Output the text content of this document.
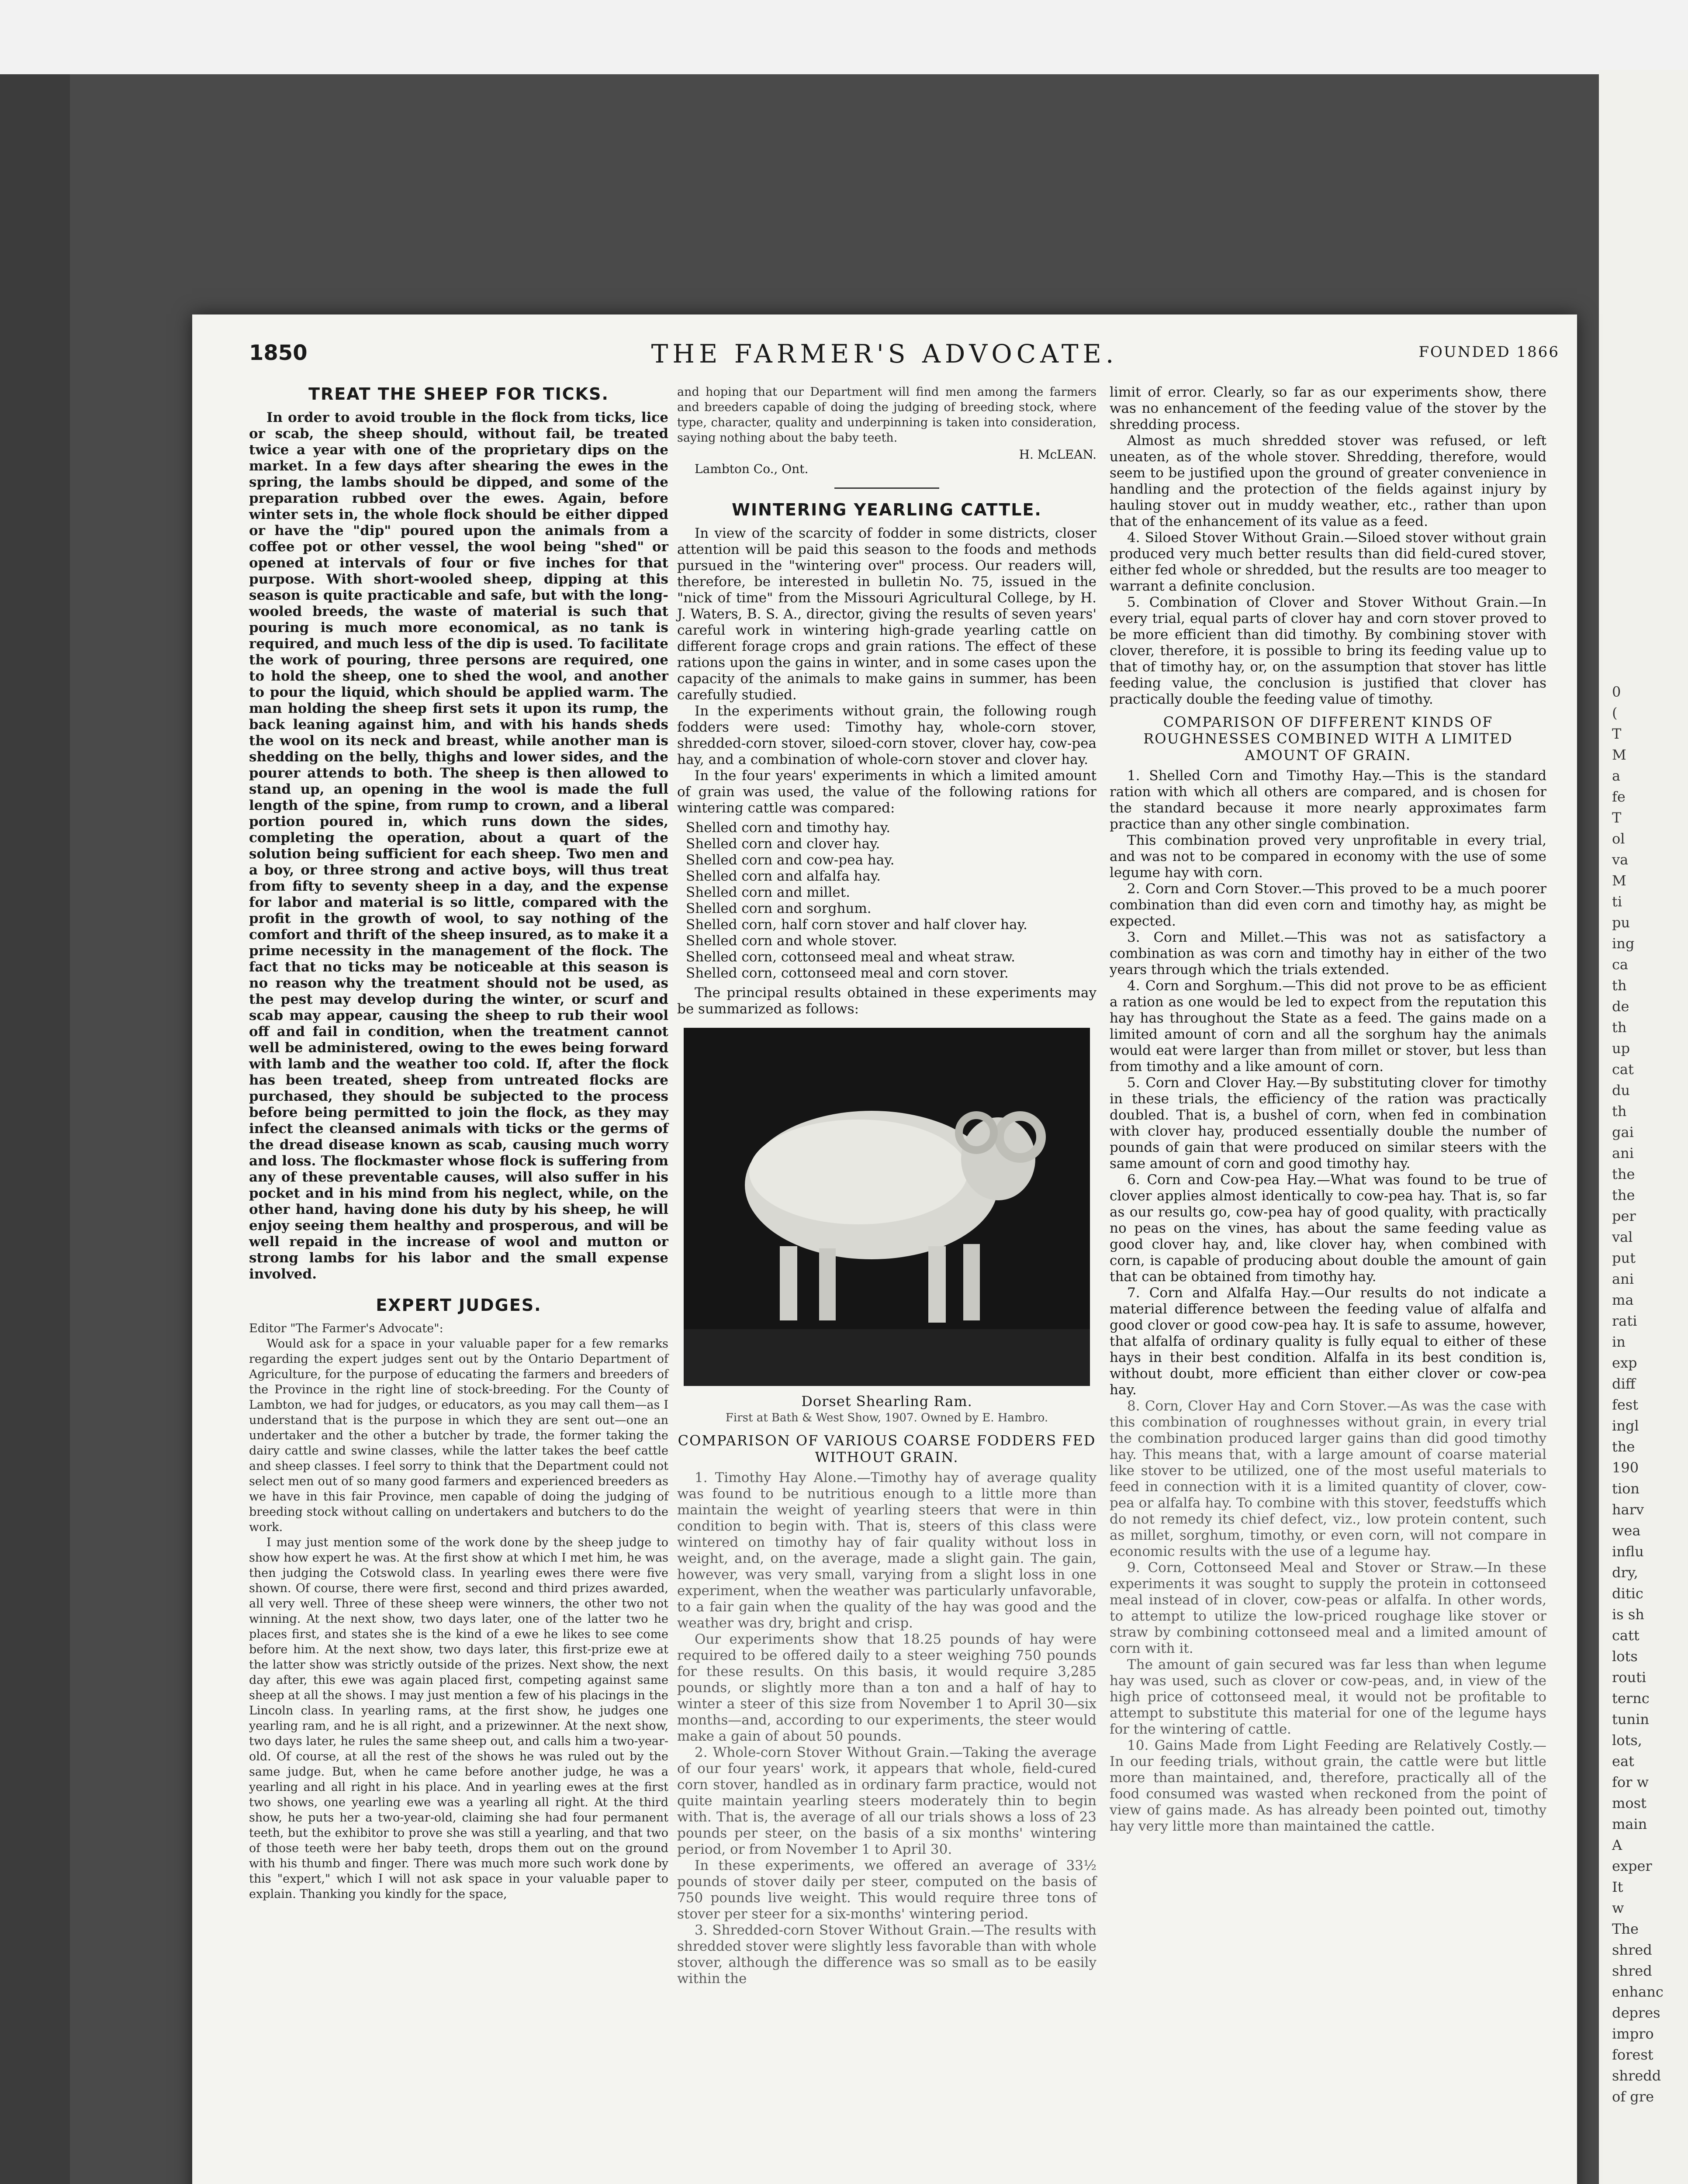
0
(
T
M
a
fe
T
ol
va
M
ti
pu
ing
ca
th
de
th
up
cat
du
th
gai
ani
the
the
per
val
put
ani
ma
rati
in
exp
diff
fest
ingl
the
190
tion
harv
wea
influ
dry,
ditic
is sh
catt
lots
routi
ternc
tunin
lots,
eat
for w
most
main
A
exper
It
w
The
shred
shred
enhanc
depres
impro
forest
shredd
of gre
1850	THE FARMER'S ADVOCATE.	FOUNDED 1866
TREAT THE SHEEP FOR TICKS.

In order to avoid trouble in the flock from ticks, lice or scab, the sheep should, without fail, be treated twice a year with one of the proprietary dips on the market. In a few days after shearing the ewes in the spring, the lambs should be dipped, and some of the preparation rubbed over the ewes. Again, before winter sets in, the whole flock should be either dipped or have the "dip" poured upon the animals from a coffee pot or other vessel, the wool being "shed" or opened at intervals of four or five inches for that purpose. With short-wooled sheep, dipping at this season is quite practicable and safe, but with the long-wooled breeds, the waste of material is such that pouring is much more economical, as no tank is required, and much less of the dip is used. To facilitate the work of pouring, three persons are required, one to hold the sheep, one to shed the wool, and another to pour the liquid, which should be applied warm. The man holding the sheep first sets it upon its rump, the back leaning against him, and with his hands sheds the wool on its neck and breast, while another man is shedding on the belly, thighs and lower sides, and the pourer attends to both. The sheep is then allowed to stand up, an opening in the wool is made the full length of the spine, from rump to crown, and a liberal portion poured in, which runs down the sides, completing the operation, about a quart of the solution being sufficient for each sheep. Two men and a boy, or three strong and active boys, will thus treat from fifty to seventy sheep in a day, and the expense for labor and material is so little, compared with the profit in the growth of wool, to say nothing of the comfort and thrift of the sheep insured, as to make it a prime necessity in the management of the flock. The fact that no ticks may be noticeable at this season is no reason why the treatment should not be used, as the pest may develop during the winter, or scurf and scab may appear, causing the sheep to rub their wool off and fail in condition, when the treatment cannot well be administered, owing to the ewes being forward with lamb and the weather too cold. If, after the flock has been treated, sheep from untreated flocks are purchased, they should be subjected to the process before being permitted to join the flock, as they may infect the cleansed animals with ticks or the germs of the dread disease known as scab, causing much worry and loss. The flockmaster whose flock is suffering from any of these preventable causes, will also suffer in his pocket and in his mind from his neglect, while, on the other hand, having done his duty by his sheep, he will enjoy seeing them healthy and prosperous, and will be well repaid in the increase of wool and mutton or strong lambs for his labor and the small expense involved.

EXPERT JUDGES.

Editor "The Farmer's Advocate":

Would ask for a space in your valuable paper for a few remarks regarding the expert judges sent out by the Ontario Department of Agriculture, for the purpose of educating the farmers and breeders of the Province in the right line of stock-breeding. For the County of Lambton, we had for judges, or educators, as you may call them—as I understand that is the purpose in which they are sent out—one an undertaker and the other a butcher by trade, the former taking the dairy cattle and swine classes, while the latter takes the beef cattle and sheep classes. I feel sorry to think that the Department could not select men out of so many good farmers and experienced breeders as we have in this fair Province, men capable of doing the judging of breeding stock without calling on undertakers and butchers to do the work.

I may just mention some of the work done by the sheep judge to show how expert he was. At the first show at which I met him, he was then judging the Cotswold class. In yearling ewes there were five shown. Of course, there were first, second and third prizes awarded, all very well. Three of these sheep were winners, the other two not winning. At the next show, two days later, one of the latter two he places first, and states she is the kind of a ewe he likes to see come before him. At the next show, two days later, this first-prize ewe at the latter show was strictly outside of the prizes. Next show, the next day after, this ewe was again placed first, competing against same sheep at all the shows. I may just mention a few of his placings in the Lincoln class. In yearling rams, at the first show, he judges one yearling ram, and he is all right, and a prizewinner. At the next show, two days later, he rules the same sheep out, and calls him a two-year-old. Of course, at all the rest of the shows he was ruled out by the same judge. But, when he came before another judge, he was a yearling and all right in his place. And in yearling ewes at the first two shows, one yearling ewe was a yearling all right. At the third show, he puts her a two-year-old, claiming she had four permanent teeth, but the exhibitor to prove she was still a yearling, and that two of those teeth were her baby teeth, drops them out on the ground with his thumb and finger. There was much more such work done by this "expert," which I will not ask space in your valuable paper to explain. Thanking you kindly for the space,

and hoping that our Department will find men among the farmers and breeders capable of doing the judging of breeding stock, where type, character, quality and underpinning is taken into consideration, saying nothing about the baby teeth.

H. McLEAN.
Lambton Co., Ont.
WINTERING YEARLING CATTLE.

In view of the scarcity of fodder in some districts, closer attention will be paid this season to the foods and methods pursued in the "wintering over" process. Our readers will, therefore, be interested in bulletin No. 75, issued in the "nick of time" from the Missouri Agricultural College, by H. J. Waters, B. S. A., director, giving the results of seven years' careful work in wintering high-grade yearling cattle on different forage crops and grain rations. The effect of these rations upon the gains in winter, and in some cases upon the capacity of the animals to make gains in summer, has been carefully studied.

In the experiments without grain, the following rough fodders were used: Timothy hay, whole-corn stover, shredded-corn stover, siloed-corn stover, clover hay, cow-pea hay, and a combination of whole-corn stover and clover hay.

In the four years' experiments in which a limited amount of grain was used, the value of the following rations for wintering cattle was compared:

Shelled corn and timothy hay.
Shelled corn and clover hay.
Shelled corn and cow-pea hay.
Shelled corn and alfalfa hay.
Shelled corn and millet.
Shelled corn and sorghum.
Shelled corn, half corn stover and half clover hay.
Shelled corn and whole stover.
Shelled corn, cottonseed meal and wheat straw.
Shelled corn, cottonseed meal and corn stover.

The principal results obtained in these experiments may be summarized as follows:

Dorset Shearling Ram.
First at Bath & West Show, 1907. Owned by E. Hambro.
COMPARISON OF VARIOUS COARSE FODDERS FED WITHOUT GRAIN.

1. Timothy Hay Alone.—Timothy hay of average quality was found to be nutritious enough to a little more than maintain the weight of yearling steers that were in thin condition to begin with. That is, steers of this class were wintered on timothy hay of fair quality without loss in weight, and, on the average, made a slight gain. The gain, however, was very small, varying from a slight loss in one experiment, when the weather was particularly unfavorable, to a fair gain when the quality of the hay was good and the weather was dry, bright and crisp.

Our experiments show that 18.25 pounds of hay were required to be offered daily to a steer weighing 750 pounds for these results. On this basis, it would require 3,285 pounds, or slightly more than a ton and a half of hay to winter a steer of this size from November 1 to April 30—six months—and, according to our experiments, the steer would make a gain of about 50 pounds.

2. Whole-corn Stover Without Grain.—Taking the average of our four years' work, it appears that whole, field-cured corn stover, handled as in ordinary farm practice, would not quite maintain yearling steers moderately thin to begin with. That is, the average of all our trials shows a loss of 23 pounds per steer, on the basis of a six months' wintering period, or from November 1 to April 30.

In these experiments, we offered an average of 33½ pounds of stover daily per steer, computed on the basis of 750 pounds live weight. This would require three tons of stover per steer for a six-months' wintering period.

3. Shredded-corn Stover Without Grain.—The results with shredded stover were slightly less favorable than with whole stover, although the difference was so small as to be easily within the

limit of error. Clearly, so far as our experiments show, there was no enhancement of the feeding value of the stover by the shredding process.

Almost as much shredded stover was refused, or left uneaten, as of the whole stover. Shredding, therefore, would seem to be justified upon the ground of greater convenience in handling and the protection of the fields against injury by hauling stover out in muddy weather, etc., rather than upon that of the enhancement of its value as a feed.

4. Siloed Stover Without Grain.—Siloed stover without grain produced very much better results than did field-cured stover, either fed whole or shredded, but the results are too meager to warrant a definite conclusion.

5. Combination of Clover and Stover Without Grain.—In every trial, equal parts of clover hay and corn stover proved to be more efficient than did timothy. By combining stover with clover, therefore, it is possible to bring its feeding value up to that of timothy hay, or, on the assumption that stover has little feeding value, the conclusion is justified that clover has practically double the feeding value of timothy.

COMPARISON OF DIFFERENT KINDS OF ROUGHNESSES COMBINED WITH A LIMITED AMOUNT OF GRAIN.

1. Shelled Corn and Timothy Hay.—This is the standard ration with which all others are compared, and is chosen for the standard because it more nearly approximates farm practice than any other single combination.

This combination proved very unprofitable in every trial, and was not to be compared in economy with the use of some legume hay with corn.

2. Corn and Corn Stover.—This proved to be a much poorer combination than did even corn and timothy hay, as might be expected.

3. Corn and Millet.—This was not as satisfactory a combination as was corn and timothy hay in either of the two years through which the trials extended.

4. Corn and Sorghum.—This did not prove to be as efficient a ration as one would be led to expect from the reputation this hay has throughout the State as a feed. The gains made on a limited amount of corn and all the sorghum hay the animals would eat were larger than from millet or stover, but less than from timothy and a like amount of corn.

5. Corn and Clover Hay.—By substituting clover for timothy in these trials, the efficiency of the ration was practically doubled. That is, a bushel of corn, when fed in combination with clover hay, produced essentially double the number of pounds of gain that were produced on similar steers with the same amount of corn and good timothy hay.

6. Corn and Cow-pea Hay.—What was found to be true of clover applies almost identically to cow-pea hay. That is, so far as our results go, cow-pea hay of good quality, with practically no peas on the vines, has about the same feeding value as good clover hay, and, like clover hay, when combined with corn, is capable of producing about double the amount of gain that can be obtained from timothy hay.

7. Corn and Alfalfa Hay.—Our results do not indicate a material difference between the feeding value of alfalfa and good clover or good cow-pea hay. It is safe to assume, however, that alfalfa of ordinary quality is fully equal to either of these hays in their best condition. Alfalfa in its best condition is, without doubt, more efficient than either clover or cow-pea hay.

8. Corn, Clover Hay and Corn Stover.—As was the case with this combination of roughnesses without grain, in every trial the combination produced larger gains than did good timothy hay. This means that, with a large amount of coarse material like stover to be utilized, one of the most useful materials to feed in connection with it is a limited quantity of clover, cow-pea or alfalfa hay. To combine with this stover, feedstuffs which do not remedy its chief defect, viz., low protein content, such as millet, sorghum, timothy, or even corn, will not compare in economic results with the use of a legume hay.

9. Corn, Cottonseed Meal and Stover or Straw.—In these experiments it was sought to supply the protein in cottonseed meal instead of in clover, cow-peas or alfalfa. In other words, to attempt to utilize the low-priced roughage like stover or straw by combining cottonseed meal and a limited amount of corn with it.

The amount of gain secured was far less than when legume hay was used, such as clover or cow-peas, and, in view of the high price of cottonseed meal, it would not be profitable to attempt to substitute this material for one of the legume hays for the wintering of cattle.

10. Gains Made from Light Feeding are Relatively Costly.—In our feeding trials, without grain, the cattle were but little more than maintained, and, therefore, practically all of the food consumed was wasted when reckoned from the point of view of gains made. As has already been pointed out, timothy hay very little more than maintained the cattle.
